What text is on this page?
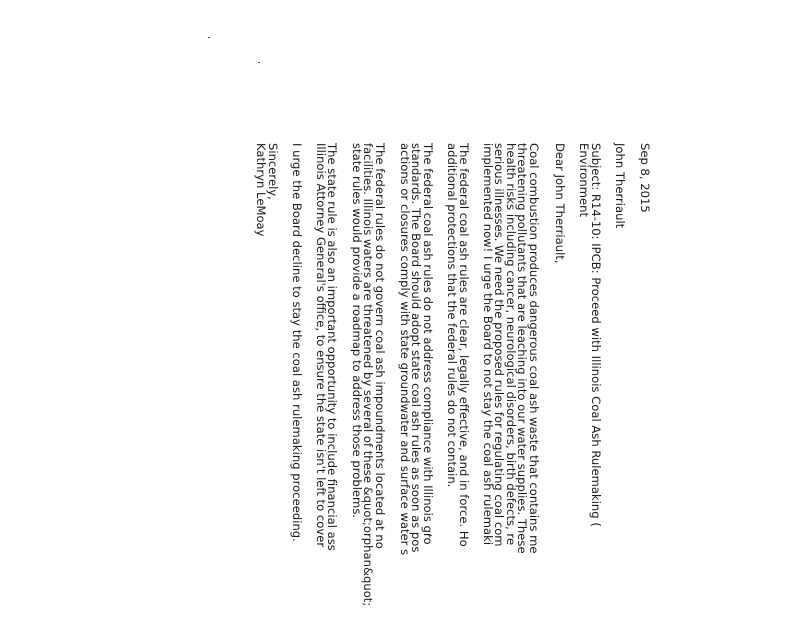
Sep 8, 2015

John Therriault

Subject: R14-10: IPCB: Proceed with Illinois Coal Ash Rulemaking (

Environment

Dear John Therriault,

Coal combustion produces dangerous coal ash waste that contains me

threatening pollutants that are leaching into our water supplies. These

health risks including cancer, neurological disorders, birth defects, re

serious illnesses. We need the proposed rules for regulating coal com

implemented now! I urge the Board to not stay the coal ash rulemaki

The federal coal ash rules are clear, legally effective, and in force. Ho

additional protections that the federal rules do not contain.

The federal coal ash rules do not address compliance with Illinois gro

standards. The Board should adopt state coal ash rules as soon as pos

actions or closures comply with state groundwater and surface water s

The federal rules do not govern coal ash impoundments located at no

facilities. Illinois waters are threatened by several of these &quot;orphan&quot;

state rules would provide a roadmap to address those problems.

The state rule is also an important opportunity to include financial ass

Illinois Attorney General's office, to ensure the state isn't left to cover

I urge the Board decline to stay the coal ash rulemaking proceeding.

Sincerely,

Kathryn LeMoay
